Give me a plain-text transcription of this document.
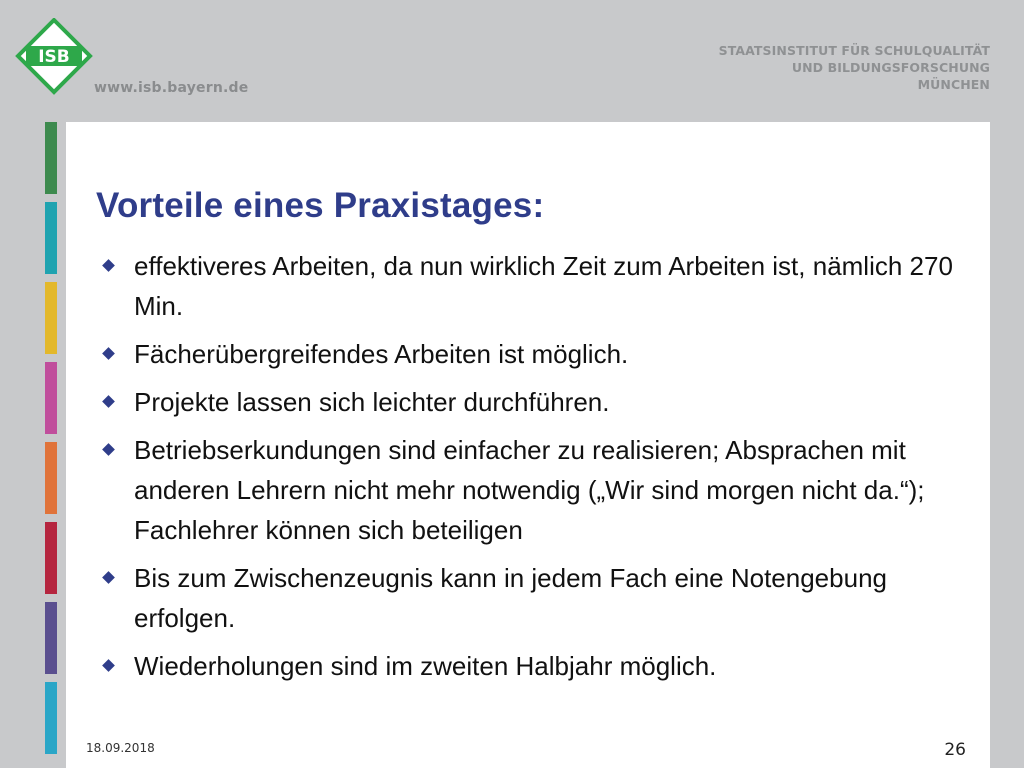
ISB
www.isb.bayern.de
STAATSINSTITUT FÜR SCHULQUALITÄT
UND BILDUNGSFORSCHUNG
MÜNCHEN
Vorteile eines Praxistages:
effektiveres Arbeiten, da nun wirklich Zeit zum Arbeiten ist, nämlich 270 Min.
Fächerübergreifendes Arbeiten ist möglich.
Projekte lassen sich leichter durchführen.
Betriebserkundungen sind einfacher zu realisieren; Absprachen mit anderen Lehrern nicht mehr notwendig („Wir sind morgen nicht da.“); Fachlehrer können sich beteiligen
Bis zum Zwischenzeugnis kann in jedem Fach eine Notengebung erfolgen.
Wiederholungen sind im zweiten Halbjahr möglich.
18.09.2018	26
